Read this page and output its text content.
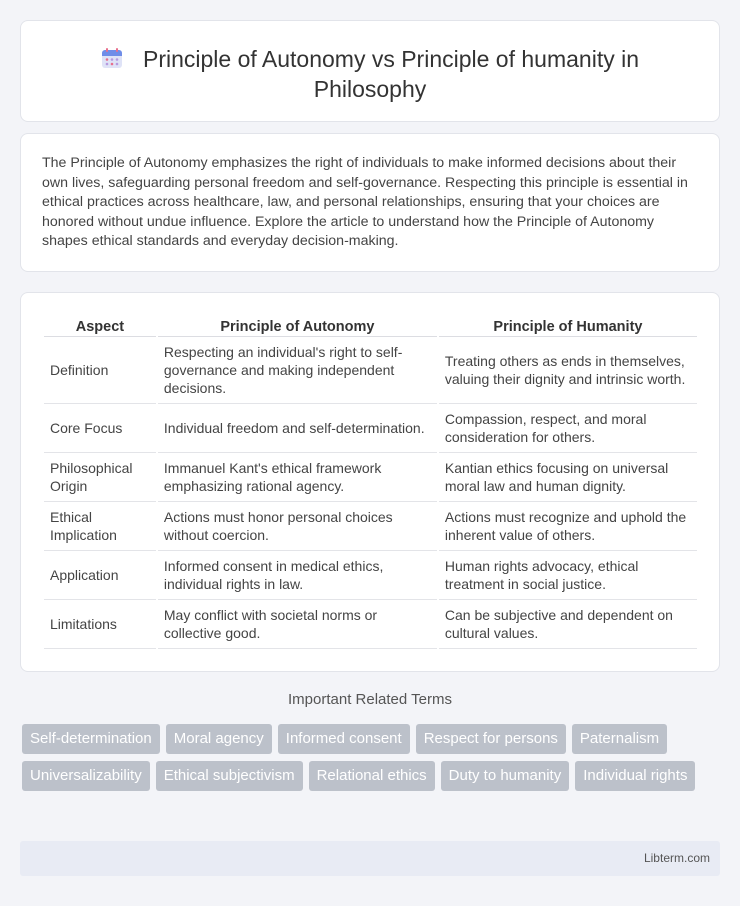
Principle of Autonomy vs Principle of humanity in
Philosophy

The Principle of Autonomy emphasizes the right of individuals to make informed decisions about their own lives, safeguarding personal freedom and self-governance. Respecting this principle is essential in ethical practices across healthcare, law, and personal relationships, ensuring that your choices are honored without undue influence. Explore the article to understand how the Principle of Autonomy shapes ethical standards and everyday decision-making.

Aspect	Principle of Autonomy	Principle of Humanity
Definition	Respecting an individual's right to self-governance and making independent decisions.	Treating others as ends in themselves, valuing their dignity and intrinsic worth.
Core Focus	Individual freedom and self-determination.	Compassion, respect, and moral consideration for others.
Philosophical Origin	Immanuel Kant's ethical framework emphasizing rational agency.	Kantian ethics focusing on universal moral law and human dignity.
Ethical Implication	Actions must honor personal choices without coercion.	Actions must recognize and uphold the inherent value of others.
Application	Informed consent in medical ethics, individual rights in law.	Human rights advocacy, ethical treatment in social justice.
Limitations	May conflict with societal norms or collective good.	Can be subjective and dependent on cultural values.
Important Related Terms
Self-determination	Moral agency	Informed consent	Respect for persons	Paternalism
Universalizability	Ethical subjectivism	Relational ethics	Duty to humanity	Individual rights
Libterm.com
